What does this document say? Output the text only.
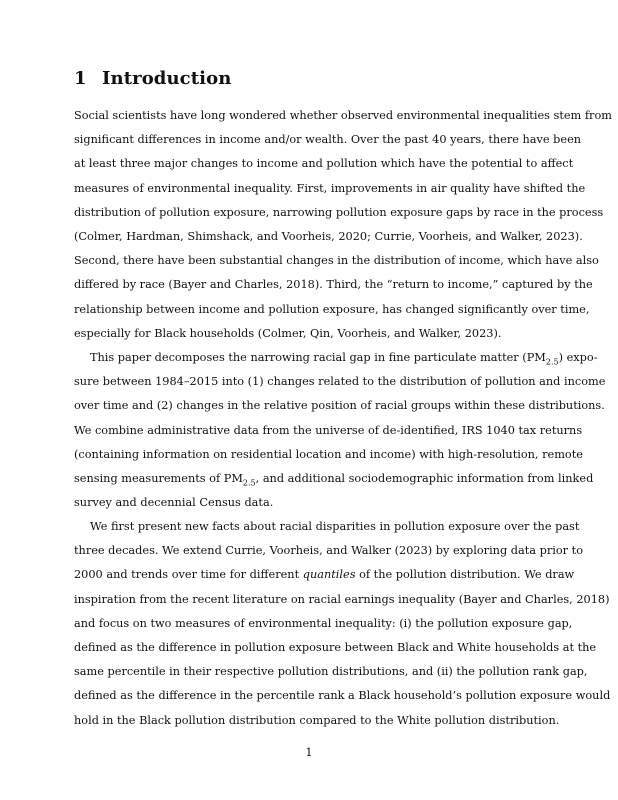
1 Introduction
Social scientists have long wondered whether observed environmental inequalities stem from
significant differences in income and/or wealth. Over the past 40 years, there have been
at least three major changes to income and pollution which have the potential to affect
measures of environmental inequality. First, improvements in air quality have shifted the
distribution of pollution exposure, narrowing pollution exposure gaps by race in the process
(Colmer, Hardman, Shimshack, and Voorheis, 2020; Currie, Voorheis, and Walker, 2023).
Second, there have been substantial changes in the distribution of income, which have also
differed by race (Bayer and Charles, 2018). Third, the “return to income,” captured by the
relationship between income and pollution exposure, has changed significantly over time,
especially for Black households (Colmer, Qin, Voorheis, and Walker, 2023).
This paper decomposes the narrowing racial gap in fine particulate matter $(PM_{2.5})$ expo-
sure between 1984–2015 into (1) changes related to the distribution of pollution and income
over time and (2) changes in the relative position of racial groups within these distributions.
We combine administrative data from the universe of de-identified, IRS 1040 tax returns
(containing information on residential location and income) with high-resolution, remote
sensing measurements of $PM_{2.5}$, and additional sociodemographic information from linked
survey and decennial Census data.
We first present new facts about racial disparities in pollution exposure over the past
three decades. We extend Currie, Voorheis, and Walker (2023) by exploring data prior to
2000 and trends over time for different quantiles of the pollution distribution. We draw
inspiration from the recent literature on racial earnings inequality (Bayer and Charles, 2018)
and focus on two measures of environmental inequality: (i) the pollution exposure gap,
defined as the difference in pollution exposure between Black and White households at the
same percentile in their respective pollution distributions, and (ii) the pollution rank gap,
defined as the difference in the percentile rank a Black household’s pollution exposure would
hold in the Black pollution distribution compared to the White pollution distribution.
1
